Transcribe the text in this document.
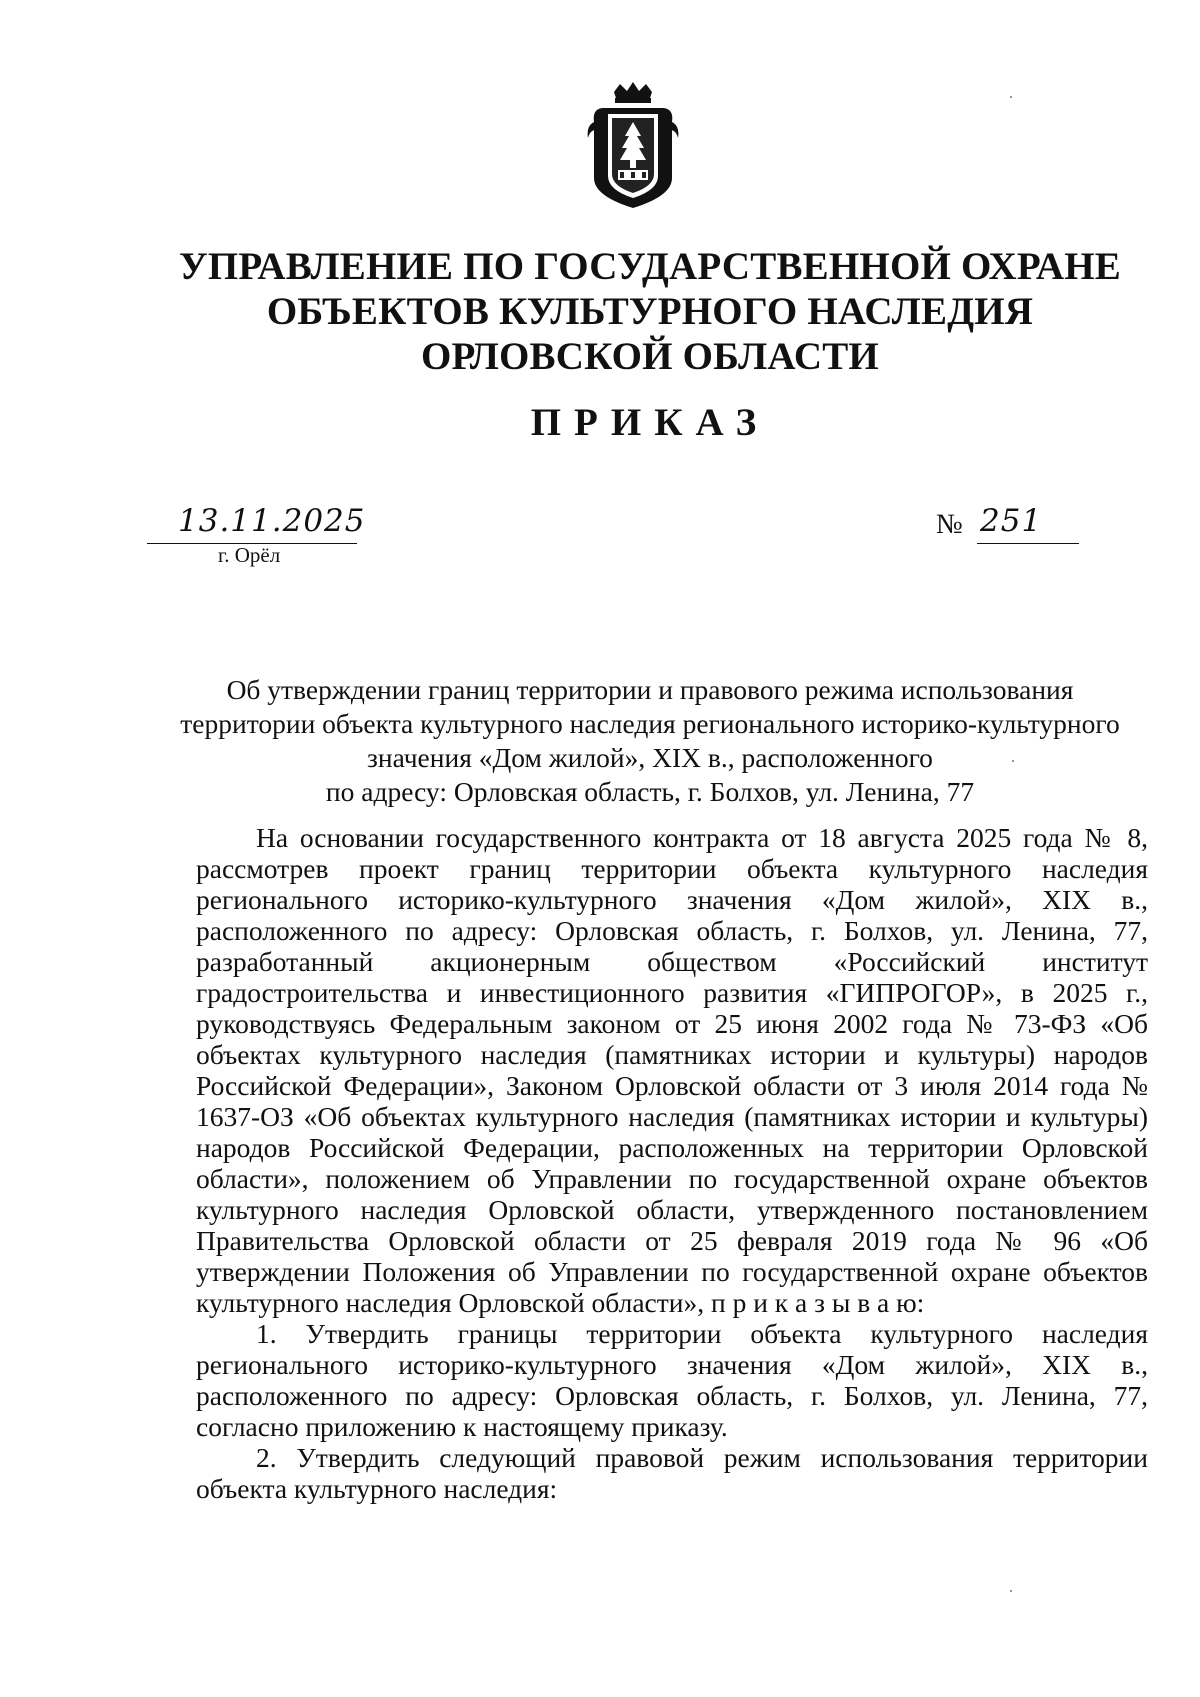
УПРАВЛЕНИЕ ПО ГОСУДАРСТВЕННОЙ ОХРАНЕ
ОБЪЕКТОВ КУЛЬТУРНОГО НАСЛЕДИЯ
ОРЛОВСКОЙ ОБЛАСТИ
ПРИКАЗ
13.11.2025
г. Орёл
№ 251
Об утверждении границ территории и правового режима использования
территории объекта культурного наследия регионального историко-культурного
значения «Дом жилой», XIX в., расположенного
по адресу: Орловская область, г. Болхов, ул. Ленина, 77

На основании государственного контракта от 18 августа 2025 года № 8, рассмотрев проект границ территории объекта культурного наследия регионального историко-культурного значения «Дом жилой», XIX в., расположенного по адресу: Орловская область, г. Болхов, ул. Ленина, 77, разработанный акционерным обществом «Российский институт градостроительства и инвестиционного развития «ГИПРОГОР», в 2025 г., руководствуясь Федеральным законом от 25 июня 2002 года № 73-ФЗ «Об объектах культурного наследия (памятниках истории и культуры) народов Российской Федерации», Законом Орловской области от 3 июля 2014 года № 1637-ОЗ «Об объектах культурного наследия (памятниках истории и культуры) народов Российской Федерации, расположенных на территории Орловской области», положением об Управлении по государственной охране объектов культурного наследия Орловской области, утвержденного постановлением Правительства Орловской области от 25 февраля 2019 года № 96 «Об утверждении Положения об Управлении по государственной охране объектов культурного наследия Орловской области», п р и к а з ы в а ю:

1. Утвердить границы территории объекта культурного наследия регионального историко-культурного значения «Дом жилой», XIX в., расположенного по адресу: Орловская область, г. Болхов, ул. Ленина, 77, согласно приложению к настоящему приказу.

2. Утвердить следующий правовой режим использования территории объекта культурного наследия:
